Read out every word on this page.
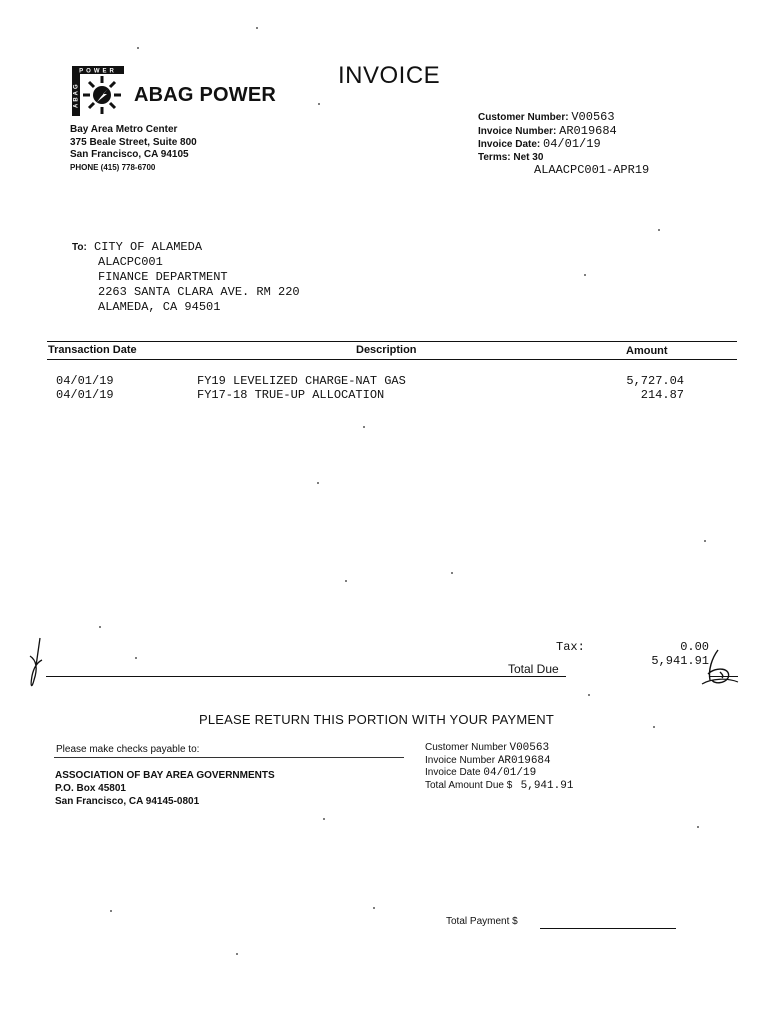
POWER
ABAG	ABAG POWER
INVOICE
Bay Area Metro Center
375 Beale Street, Suite 800
San Francisco, CA 94105
PHONE (415) 778-6700
Customer Number: V00563
Invoice Number: AR019684
Invoice Date: 04/01/19
Terms: Net 30
ALAACPC001-APR19
To: CITY OF ALAMEDA
ALACPC001
FINANCE DEPARTMENT
2263 SANTA CLARA AVE. RM 220
ALAMEDA, CA 94501
Transaction Date	Description	Amount
04/01/19	FY19 LEVELIZED CHARGE-NAT GAS	5,727.04
04/01/19	FY17-18 TRUE-UP ALLOCATION	214.87
Tax:	0.00
Total Due
5,941.91
PLEASE RETURN THIS PORTION WITH YOUR PAYMENT
Please make checks payable to:
ASSOCIATION OF BAY AREA GOVERNMENTS
P.O. Box 45801
San Francisco, CA 94145-0801
Customer Number V00563
Invoice Number AR019684
Invoice Date 04/01/19
Total Amount Due $ 5,941.91
Total Payment $
